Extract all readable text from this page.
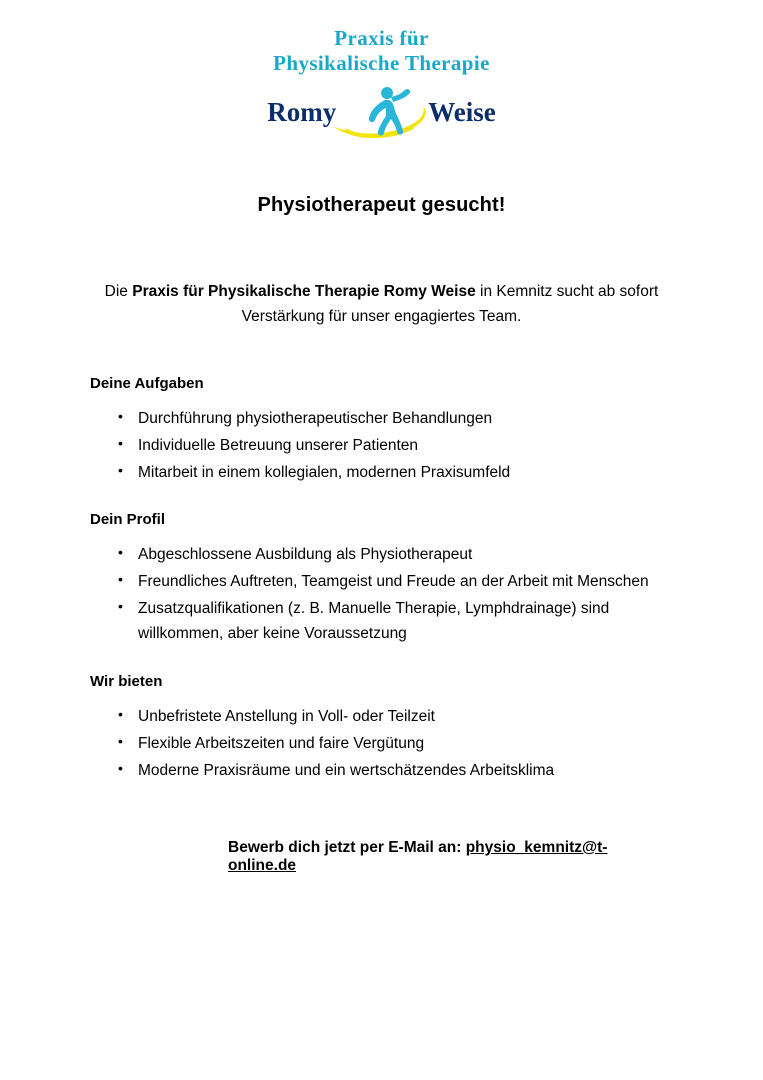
Praxis für
Physikalische Therapie
Romy	Weise
Physiotherapeut gesucht!

Die Praxis für Physikalische Therapie Romy Weise in Kemnitz sucht ab sofort Verstärkung für unser engagiertes Team.

Deine Aufgaben
• Durchführung physiotherapeutischer Behandlungen
• Individuelle Betreuung unserer Patienten
• Mitarbeit in einem kollegialen, modernen Praxisumfeld
Dein Profil
• Abgeschlossene Ausbildung als Physiotherapeut
• Freundliches Auftreten, Teamgeist und Freude an der Arbeit mit Menschen
• Zusatzqualifikationen (z. B. Manuelle Therapie, Lymphdrainage) sind willkommen, aber keine Voraussetzung
Wir bieten
• Unbefristete Anstellung in Voll- oder Teilzeit
• Flexible Arbeitszeiten und faire Vergütung
• Moderne Praxisräume und ein wertschätzendes Arbeitsklima

Bewerb dich jetzt per E-Mail an: physio_kemnitz@t-online.de
